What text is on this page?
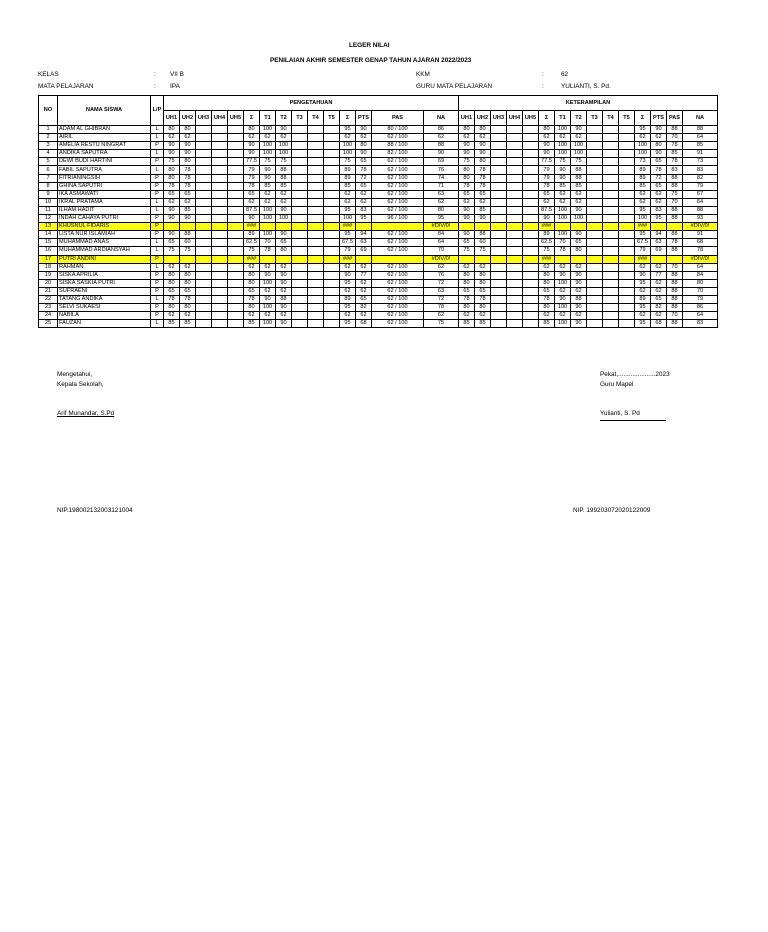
LEGER NILAI
PENILAIAN AKHIR SEMESTER GENAP TAHUN AJARAN 2022/2023
KELAS	: VII B
MATA PELAJARAN	: IPA
KKM	:	62
GURU MATA PELAJARAN	:	YULIANTI, S. Pd.
NO	NAMA SISWA	L/P	PENGETAHUAN															KETERAMPILAN														
			UH1	UH2	UH3	UH4	UH5	Σ	T1	T2	T3	T4	T5	Σ	PTS	PAS	NA	UH1	UH2	UH3	UH4	UH5	Σ	T1	T2	T3	T4	T5	Σ	PTS	PAS	NA
1	ADAM AL GHIBRAN	L	80	80				80	100	90				95	90	80 / 100	86	80	80				80	100	90				95	90	88	88
2	AIRIL	L	62	62				62	62	62				62	62	62 / 100	62	62	62				62	62	62				62	62	70	64
3	AMELIA RESTU NINGRAT	P	90	90				90	100	100				100	80	88 / 100	88	90	90				90	100	100				100	80	78	85
4	ANDIKA SAPUTRA	L	90	90				90	100	100				100	90	82 / 100	90	90	90				90	100	100				100	90	85	91
5	DEWI BUDI HARTINI	P	75	80				77.5	75	75				75	65	62 / 100	69	75	80				77.5	75	75				73	65	78	73
6	FABIL SAPUTRA	L	80	78				79	90	88				89	78	62 / 100	76	80	78				79	90	88				89	78	83	83
7	FITRIANINGSIH	P	80	78				79	90	88				89	72	62 / 100	74	80	78				79	90	88				89	72	88	82
8	GHINA SAPUTRI	P	78	78				78	85	85				85	65	62 / 100	71	78	78				78	85	85				85	65	88	79
9	IKA ASMAWATI	P	65	65				65	62	62				62	62	62 / 100	63	65	65				65	62	62				62	62	75	67
10	IKRAL PRATAMA	L	62	62				62	62	62				62	62	62 / 100	62	62	62				62	62	62				62	62	70	64
11	ILHAM HADIT	L	90	85				87.5	100	90				95	83	62 / 100	80	90	85				87.5	100	90				95	83	88	88
12	INDAH CAHAYA PUTRI	P	90	90				90	100	100				100	95	96 / 100	95	90	90				90	100	100				100	95	88	93
13	KHUSNUL FIDARIS	P						###						###			#DIV/0!						###						###			#DIV/0!
14	LISTA NUR ISLAMIAH	P	90	88				89	100	90				95	94	62 / 100	84	90	88				89	100	90				95	94	88	91
15	MUHAMMAD ANAS	L	65	60				62.5	70	65				67.5	63	62 / 100	64	65	60				62.5	70	65				67.5	63	78	68
16	MUHAMMAD ARDIANSYAH	L	75	75				75	78	80				79	69	62 / 100	70	75	75				75	78	80				79	69	88	78
17	PUTRI ANDINI	P						###						###			#DIV/0!						###						###			#DIV/0!
18	RAHMAN	L	62	62				62	62	62				62	62	62 / 100	62	62	62				62	62	62				62	62	70	64
19	SISKA APRILIA	P	80	80				80	90	90				90	77	62 / 100	76	80	80				80	90	90				90	77	88	84
20	SISKA SASKIA PUTRI	P	80	80				80	100	90				95	62	62 / 100	72	80	80				80	100	90				95	62	88	80
21	SUFRAENI	P	65	65				65	62	62				62	62	62 / 100	63	65	65				65	62	62				62	62	88	70
22	TATANG ANDIKA	L	78	78				78	90	88				89	65	62 / 100	72	78	78				78	90	88				89	65	88	79
23	SELVI SUKAESI	P	80	80				80	100	90				95	82	62 / 100	78	80	80				80	100	90				95	82	88	86
24	NABILA	P	62	62				62	62	62				62	62	62 / 100	62	62	62				62	62	62				62	62	70	64
25	FAUZAN	L	85	85				85	100	90				95	68	62 / 100	75	85	85				85	100	90				95	68	88	83
Mengetahui,
Kepala Sekolah,
Arif Munandar, S.Pd
NIP.198002132003121004
Pekat,.....................2023
Guru Mapel
Yulianti, S. Pd
NIP. 199203072020122009
